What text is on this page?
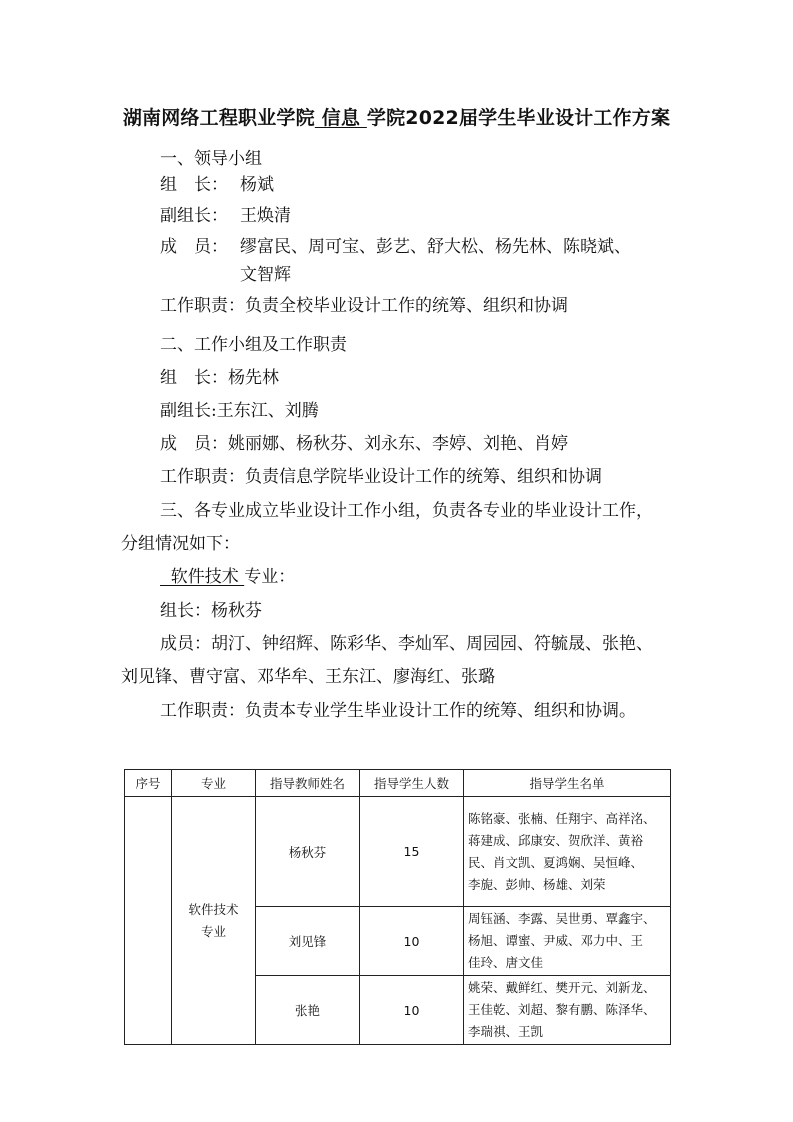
湖南网络工程职业学院 信息 学院2022届学生毕业设计工作方案
一、领导小组
组　长： 杨斌
副组长： 王焕清
成　员： 缪富民、周可宝、彭艺、舒大松、杨先林、陈晓斌、
文智辉
工作职责：负责全校毕业设计工作的统筹、组织和协调
二、工作小组及工作职责
组　长：杨先林
副组长:王东江、刘腾
成　员：姚丽娜、杨秋芬、刘永东、李婷、刘艳、肖婷
工作职责：负责信息学院毕业设计工作的统筹、组织和协调
三、各专业成立毕业设计工作小组，负责各专业的毕业设计工作，
分组情况如下：
软件技术 专业：
组长：杨秋芬
成员：胡汀、钟绍辉、陈彩华、李灿军、周园园、符毓晟、张艳、
刘见锋、曹守富、邓华牟、王东江、廖海红、张璐
工作职责：负责本专业学生毕业设计工作的统筹、组织和协调。
序号	专业	指导教师姓名	指导学生人数	指导学生名单
	软件技术专业	杨秋芬	15	陈铭豪、张楠、任翔宇、高祥洺、
蒋建成、邱康安、贺欣洋、黄裕
民、肖文凯、夏鸿娴、吴恒峰、
李旎、彭帅、杨雄、刘荣

		刘见锋	10	周钰涵、李露、吴世勇、覃鑫宇、
杨旭、谭蜜、尹威、邓力中、王
佳玲、唐文佳

		张艳	10	姚荣、戴鲜红、樊开元、刘新龙、
王佳乾、刘超、黎有鹏、陈泽华、
李瑞祺、王凯
